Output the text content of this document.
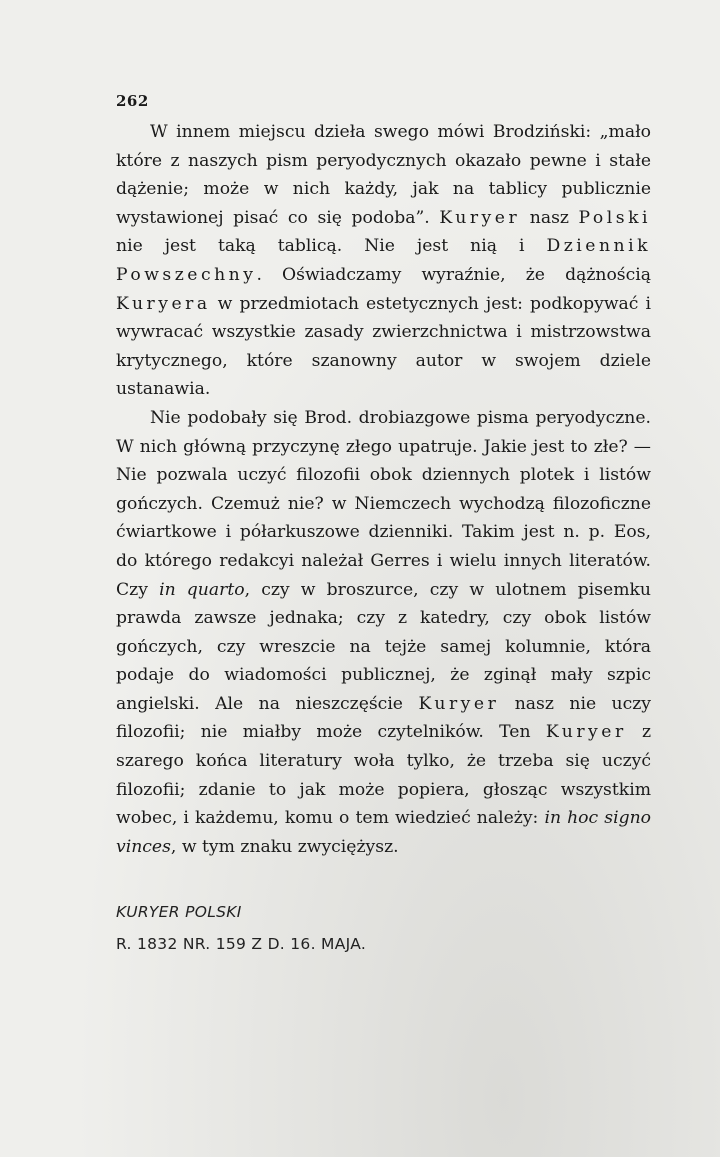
262

W innem miejscu dzieła swego mówi Brodziński: „mało które z naszych pism peryodycznych okazało pewne i stałe dążenie; może w nich każdy, jak na tablicy publicznie wystawionej pisać co się podoba”. Kuryer nasz Polski nie jest taką tablicą. Nie jest nią i Dziennik Powszechny. Oświadczamy wyraźnie, że dążnością Kuryera w przedmiotach estetycznych jest: podkopywać i wywracać wszystkie zasady zwierzchnictwa i mistrzowstwa krytycznego, które szanowny autor w swojem dziele ustanawia.

Nie podobały się Brod. drobiazgowe pisma peryodyczne. W nich główną przyczynę złego upatruje. Jakie jest to złe? — Nie pozwala uczyć filozofii obok dziennych plotek i listów gończych. Czemuż nie? w Niemczech wychodzą filozoficzne ćwiartkowe i półarkuszowe dzienniki. Takim jest n. p. Eos, do którego redakcyi należał Gerres i wielu innych literatów. Czy in quarto, czy w broszurce, czy w ulotnem pisemku prawda zawsze jednaka; czy z katedry, czy obok listów gończych, czy wreszcie na tejże samej kolumnie, która podaje do wiadomości publicznej, że zginął mały szpic angielski. Ale na nieszczęście Kuryer nasz nie uczy filozofii; nie miałby może czytelników. Ten Kuryer z szarego końca literatury woła tylko, że trzeba się uczyć filozofii; zdanie to jak może popiera, głosząc wszystkim wobec, i każdemu, komu o tem wiedzieć należy: in hoc signo vinces, w tym znaku zwyciężysz.

KURYER POLSKI
R. 1832 NR. 159 Z D. 16. MAJA.
